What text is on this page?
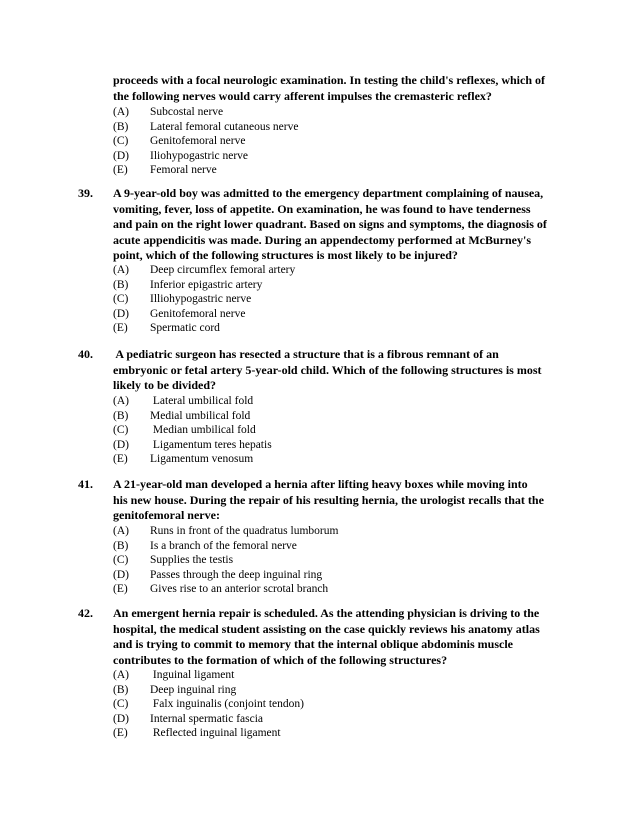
proceeds with a focal neurologic examination. In testing the child's reflexes, which of
the following nerves would carry afferent impulses the cremasteric reflex?
(A) Subcostal nerve
(B) Lateral femoral cutaneous nerve
(C) Genitofemoral nerve
(D) Iliohypogastric nerve
(E) Femoral nerve
39. A 9-year-old boy was admitted to the emergency department complaining of nausea,
vomiting, fever, loss of appetite. On examination, he was found to have tenderness
and pain on the right lower quadrant. Based on signs and symptoms, the diagnosis of
acute appendicitis was made. During an appendectomy performed at McBurney's
point, which of the following structures is most likely to be injured?
(A) Deep circumflex femoral artery
(B) Inferior epigastric artery
(C) Illiohypogastric nerve
(D) Genitofemoral nerve
(E) Spermatic cord
40. A pediatric surgeon has resected a structure that is a fibrous remnant of an
embryonic or fetal artery 5-year-old child. Which of the following structures is most
likely to be divided?
(A) Lateral umbilical fold
(B) Medial umbilical fold
(C) Median umbilical fold
(D) Ligamentum teres hepatis
(E) Ligamentum venosum
41. A 21-year-old man developed a hernia after lifting heavy boxes while moving into
his new house. During the repair of his resulting hernia, the urologist recalls that the
genitofemoral nerve:
(A) Runs in front of the quadratus lumborum
(B) Is a branch of the femoral nerve
(C) Supplies the testis
(D) Passes through the deep inguinal ring
(E) Gives rise to an anterior scrotal branch
42. An emergent hernia repair is scheduled. As the attending physician is driving to the
hospital, the medical student assisting on the case quickly reviews his anatomy atlas
and is trying to commit to memory that the internal oblique abdominis muscle
contributes to the formation of which of the following structures?
(A) Inguinal ligament
(B) Deep inguinal ring
(C) Falx inguinalis (conjoint tendon)
(D) Internal spermatic fascia
(E) Reflected inguinal ligament
